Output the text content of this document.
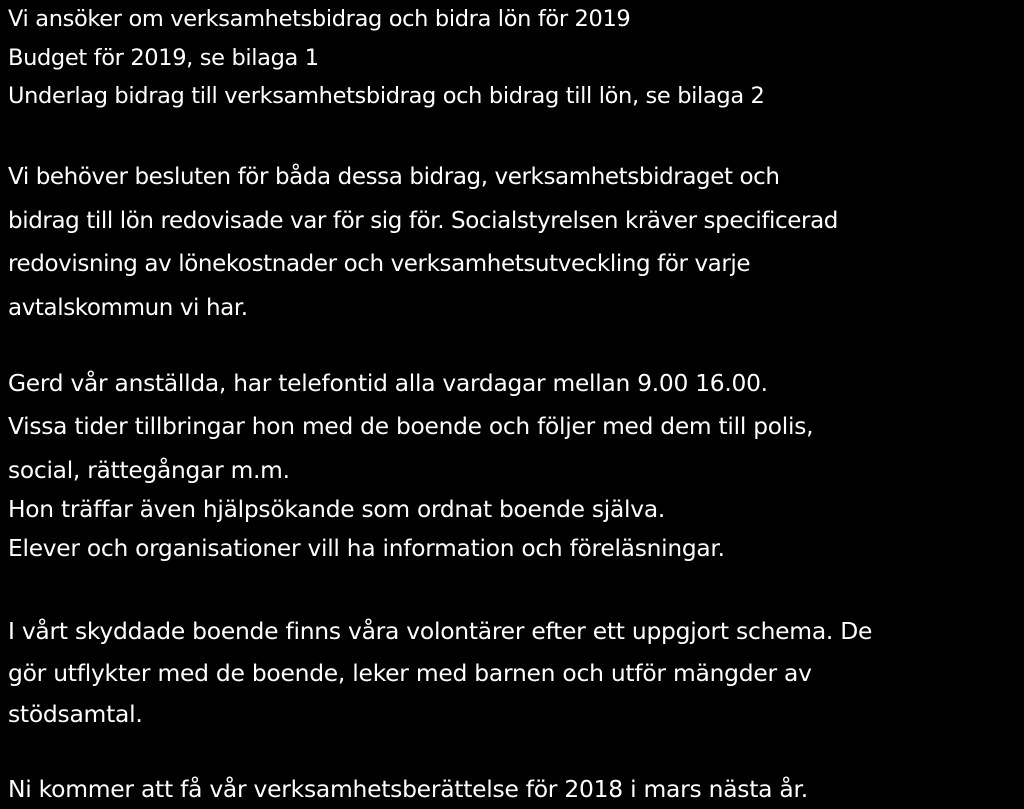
Vi ansöker om verksamhetsbidrag och bidra lön för 2019
Budget för 2019, se bilaga 1
Underlag bidrag till verksamhetsbidrag och bidrag till lön, se bilaga 2
Vi behöver besluten för båda dessa bidrag, verksamhetsbidraget och
bidrag till lön redovisade var för sig för. Socialstyrelsen kräver specificerad
redovisning av lönekostnader och verksamhetsutveckling för varje
avtalskommun vi har.
Gerd vår anställda, har telefontid alla vardagar mellan 9.00 16.00.
Vissa tider tillbringar hon med de boende och följer med dem till polis,
social, rättegångar m.m.
Hon träffar även hjälpsökande som ordnat boende själva.
Elever och organisationer vill ha information och föreläsningar.
I vårt skyddade boende finns våra volontärer efter ett uppgjort schema. De
gör utflykter med de boende, leker med barnen och utför mängder av
stödsamtal.
Ni kommer att få vår verksamhetsberättelse för 2018 i mars nästa år.
